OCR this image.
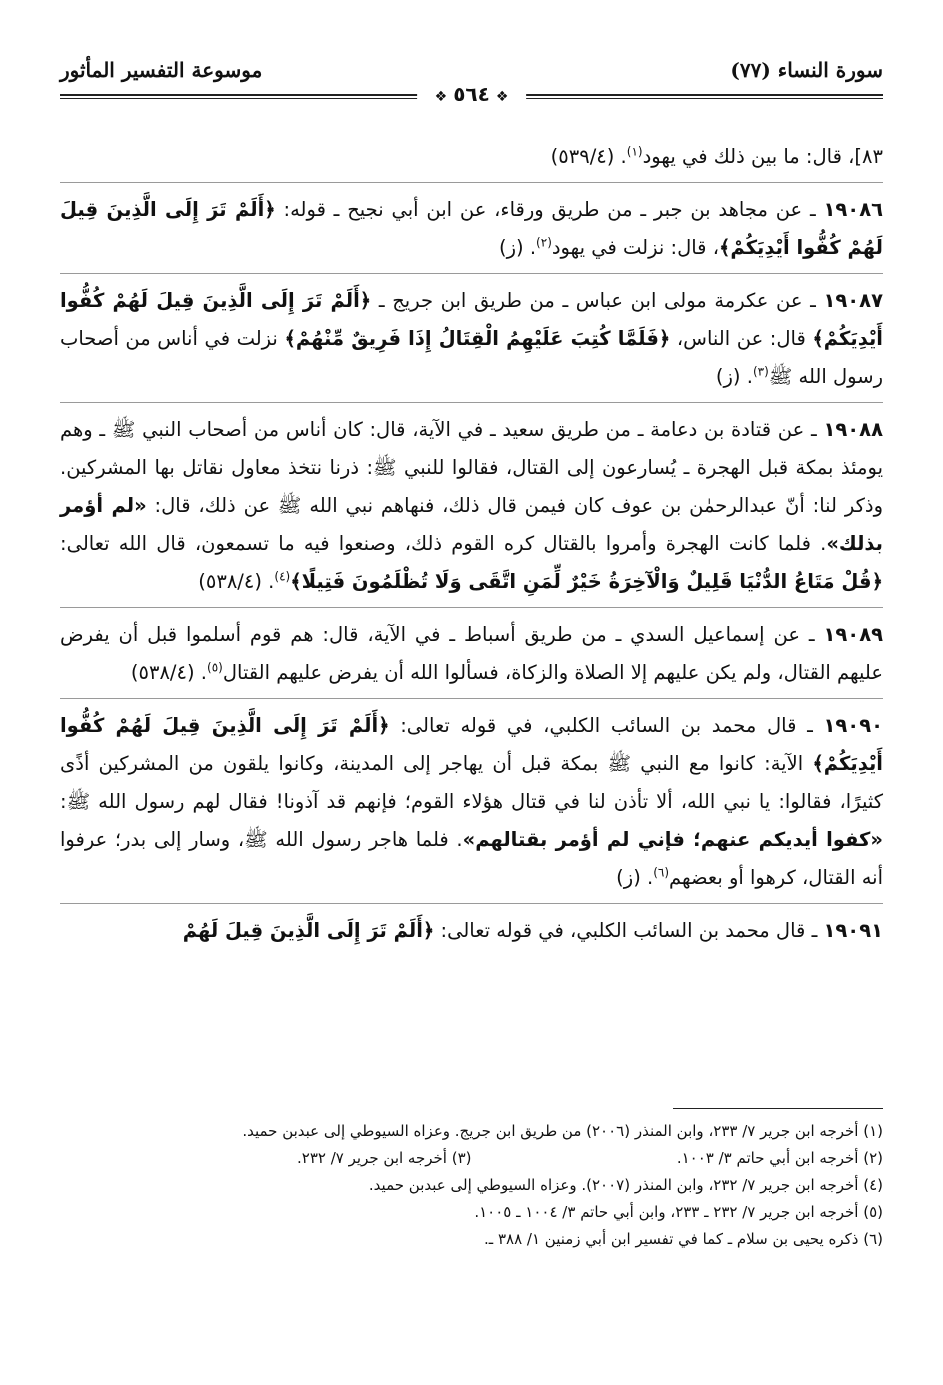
سورة النساء (٧٧)
موسوعة التفسير المأثور
❖ ٥٦٤ ❖

٨٣]، قال: ما بين ذلك في يهود$^{(١)}$. (٥٣٩/٤)

١٩٠٨٦ ـ عن مجاهد بن جبر ـ من طريق ورقاء، عن ابن أبي نجيح ـ قوله: ﴿أَلَمْ تَرَ إِلَى الَّذِينَ قِيلَ لَهُمْ كُفُّوا أَيْدِيَكُمْ﴾، قال: نزلت في يهود$^{(٢)}$. (ز)

١٩٠٨٧ ـ عن عكرمة مولى ابن عباس ـ من طريق ابن جريج ـ ﴿أَلَمْ تَرَ إِلَى الَّذِينَ قِيلَ لَهُمْ كُفُّوا أَيْدِيَكُمْ﴾ قال: عن الناس، ﴿فَلَمَّا كُتِبَ عَلَيْهِمُ الْقِتَالُ إِذَا فَرِيقٌ مِّنْهُمْ﴾ نزلت في أناس من أصحاب رسول الله ﷺ$^{(٣)}$. (ز)

١٩٠٨٨ ـ عن قتادة بن دعامة ـ من طريق سعيد ـ في الآية، قال: كان أناس من أصحاب النبي ﷺ ـ وهم يومئذ بمكة قبل الهجرة ـ يُسارعون إلى القتال، فقالوا للنبي ﷺ: ذرنا نتخذ معاول نقاتل بها المشركين. وذكر لنا: أنّ عبدالرحمٰن بن عوف كان فيمن قال ذلك، فنهاهم نبي الله ﷺ عن ذلك، قال: «لم أؤمر بذلك». فلما كانت الهجرة وأمروا بالقتال كره القوم ذلك، وصنعوا فيه ما تسمعون، قال الله تعالى: ﴿قُلْ مَتَاعُ الدُّنْيَا قَلِيلٌ وَالْآخِرَةُ خَيْرٌ لِّمَنِ اتَّقَى وَلَا تُظْلَمُونَ فَتِيلًا﴾$^{(٤)}$. (٥٣٨/٤)

١٩٠٨٩ ـ عن إسماعيل السدي ـ من طريق أسباط ـ في الآية، قال: هم قوم أسلموا قبل أن يفرض عليهم القتال، ولم يكن عليهم إلا الصلاة والزكاة، فسألوا الله أن يفرض عليهم القتال$^{(٥)}$. (٥٣٨/٤)

١٩٠٩٠ ـ قال محمد بن السائب الكلبي، في قوله تعالى: ﴿أَلَمْ تَرَ إِلَى الَّذِينَ قِيلَ لَهُمْ كُفُّوا أَيْدِيَكُمْ﴾ الآية: كانوا مع النبي ﷺ بمكة قبل أن يهاجر إلى المدينة، وكانوا يلقون من المشركين أذًى كثيرًا، فقالوا: يا نبي الله، ألا تأذن لنا في قتال هؤلاء القوم؛ فإنهم قد آذونا! فقال لهم رسول الله ﷺ: «كفوا أيديكم عنهم؛ فإني لم أؤمر بقتالهم». فلما هاجر رسول الله ﷺ، وسار إلى بدر؛ عرفوا أنه القتال، كرهوا أو بعضهم$^{(٦)}$. (ز)

١٩٠٩١ ـ قال محمد بن السائب الكلبي، في قوله تعالى: ﴿أَلَمْ تَرَ إِلَى الَّذِينَ قِيلَ لَهُمْ

(١) أخرجه ابن جرير ٧/ ٢٣٣، وابن المنذر (٢٠٠٦) من طريق ابن جريج. وعزاه السيوطي إلى عبدبن حميد.

(٢) أخرجه ابن أبي حاتم ٣/ ١٠٠٣.

(٣) أخرجه ابن جرير ٧/ ٢٣٢.

(٤) أخرجه ابن جرير ٧/ ٢٣٢، وابن المنذر (٢٠٠٧). وعزاه السيوطي إلى عبدبن حميد.

(٥) أخرجه ابن جرير ٧/ ٢٣٢ ـ ٢٣٣، وابن أبي حاتم ٣/ ١٠٠٤ ـ ١٠٠٥.

(٦) ذكره يحيى بن سلام ـ كما في تفسير ابن أبي زمنين ١/ ٣٨٨ ـ.
